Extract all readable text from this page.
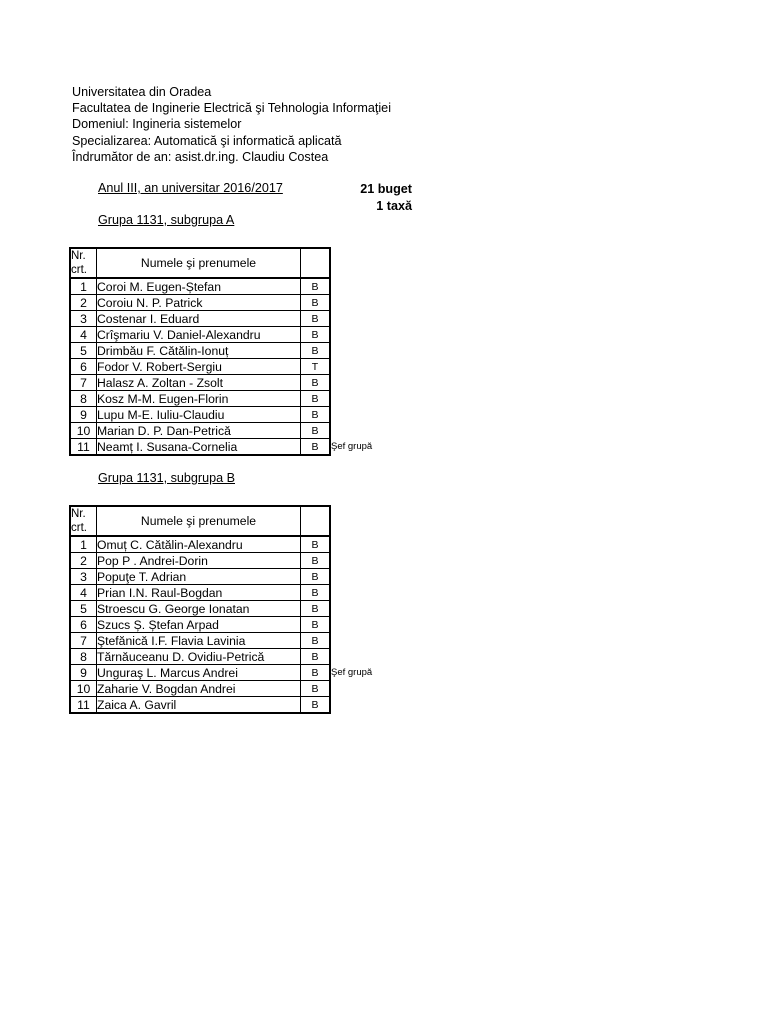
Universitatea din Oradea
Facultatea de Inginerie Electrică şi Tehnologia Informaţiei
Domeniul: Ingineria sistemelor
Specializarea: Automatică şi informatică aplicată
Îndrumător de an: asist.dr.ing. Claudiu Costea
Anul III, an universitar 2016/2017	21 buget
1 taxă
Grupa 1131, subgrupa A
Nr. crt.	Numele şi prenumele		
1	Coroi M. Eugen-Ștefan	B	
2	Coroiu N. P. Patrick	B	
3	Costenar I. Eduard	B	
4	Crîşmariu V. Daniel-Alexandru	B	
5	Drimbău F. Cătălin-Ionuț	B	
6	Fodor V. Robert-Sergiu	T	
7	Halasz A. Zoltan - Zsolt	B	
8	Kosz M-M. Eugen-Florin	B	
9	Lupu M-E. Iuliu-Claudiu	B	
10	Marian D. P. Dan-Petrică	B	
11	Neamț I. Susana-Cornelia	B	Şef grupă
Grupa 1131, subgrupa B
Nr. crt.	Numele şi prenumele		
1	Omuț C. Cătălin-Alexandru	B	
2	Pop P . Andrei-Dorin	B	
3	Popuţe T. Adrian	B	
4	Prian I.N. Raul-Bogdan	B	
5	Stroescu G. George Ionatan	B	
6	Szucs Ș. Ștefan Arpad	B	
7	Ştefănică I.F. Flavia Lavinia	B	
8	Tărnăuceanu D. Ovidiu-Petrică	B	
9	Unguraş L. Marcus Andrei	B	Şef grupă
10	Zaharie V. Bogdan Andrei	B	
11	Zaica A. Gavril	B	
